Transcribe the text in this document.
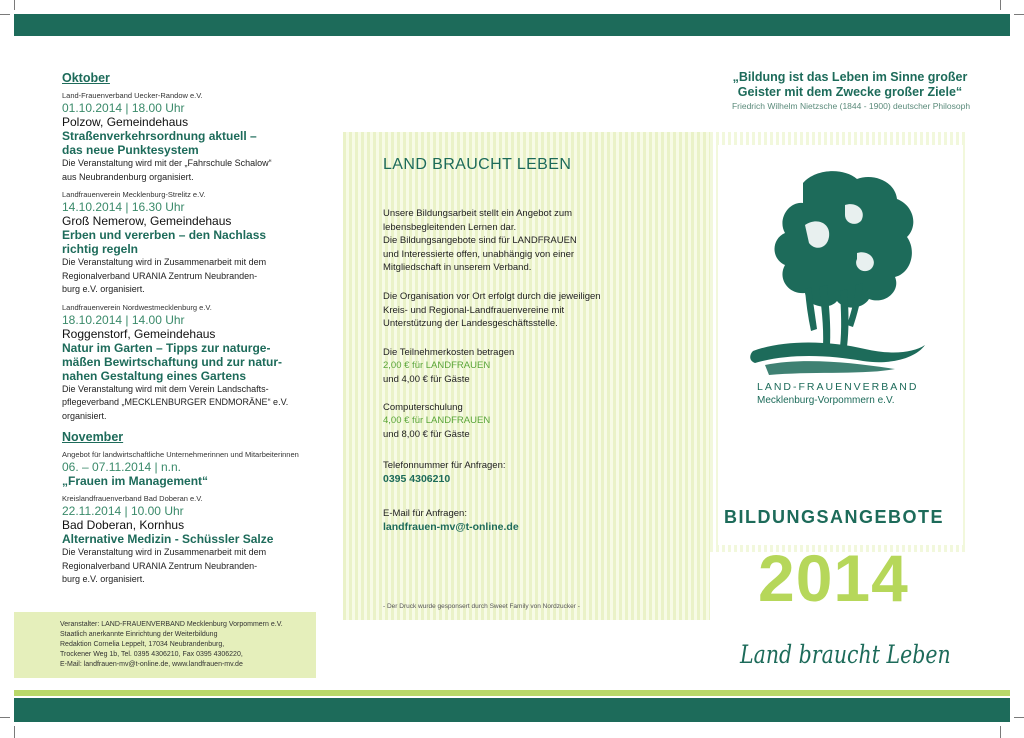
Oktober
Land-Frauenverband Uecker-Randow e.V.
01.10.2014 | 18.00 Uhr
Polzow, Gemeindehaus
Straßenverkehrsordnung aktuell –
das neue Punktesystem
Die Veranstaltung wird mit der „Fahrschule Schalow“
aus Neubrandenburg organisiert.
Landfrauenverein Mecklenburg-Strelitz e.V.
14.10.2014 | 16.30 Uhr
Groß Nemerow, Gemeindehaus
Erben und vererben – den Nachlass
richtig regeln
Die Veranstaltung wird in Zusammenarbeit mit dem
Regionalverband URANIA Zentrum Neubranden-
burg e.V. organisiert.
Landfrauenverein Nordwestmecklenburg e.V.
18.10.2014 | 14.00 Uhr
Roggenstorf, Gemeindehaus
Natur im Garten – Tipps zur naturge-
mäßen Bewirtschaftung und zur natur-
nahen Gestaltung eines Gartens
Die Veranstaltung wird mit dem Verein Landschafts-
pflegeverband „MECKLENBURGER ENDMORÄNE“ e.V.
organisiert.
November
Angebot für landwirtschaftliche Unternehmerinnen und Mitarbeiterinnen
06. – 07.11.2014 | n.n.
„Frauen im Management“
Kreislandfrauenverband Bad Doberan e.V.
22.11.2014 | 10.00 Uhr
Bad Doberan, Kornhus
Alternative Medizin - Schüssler Salze
Die Veranstaltung wird in Zusammenarbeit mit dem
Regionalverband URANIA Zentrum Neubranden-
burg e.V. organisiert.
Veranstalter: LAND-FRAUENVERBAND Mecklenburg Vorpommern e.V.
Staatlich anerkannte Einrichtung der Weiterbildung
Redaktion Cornelia Leppelt, 17034 Neubrandenburg,
Trockener Weg 1b, Tel. 0395 4306210, Fax 0395 4306220,
E-Mail: landfrauen-mv@t-online.de, www.landfrauen-mv.de
LAND BRAUCHT LEBEN
Unsere Bildungsarbeit stellt ein Angebot zum
lebensbegleitenden Lernen dar.
Die Bildungsangebote sind für LANDFRAUEN
und Interessierte offen, unabhängig von einer
Mitgliedschaft in unserem Verband.
Die Organisation vor Ort erfolgt durch die jeweiligen
Kreis- und Regional-Landfrauenvereine mit
Unterstützung der Landesgeschäftsstelle.
Die Teilnehmerkosten betragen
2,00 € für LANDFRAUEN
und 4,00 € für Gäste
Computerschulung
4,00 € für LANDFRAUEN
und 8,00 € für Gäste
Telefonnummer für Anfragen:
0395 4306210
E-Mail für Anfragen:
landfrauen-mv@t-online.de
- Der Druck wurde gesponsert durch Sweet Family von Nordzucker -
„Bildung ist das Leben im Sinne großer
Geister mit dem Zwecke großer Ziele“
Friedrich Wilhelm Nietzsche (1844 - 1900) deutscher Philosoph
LAND-FRAUENVERBAND
Mecklenburg-Vorpommern e.V.
BILDUNGSANGEBOTE
2014
Land braucht Leben
